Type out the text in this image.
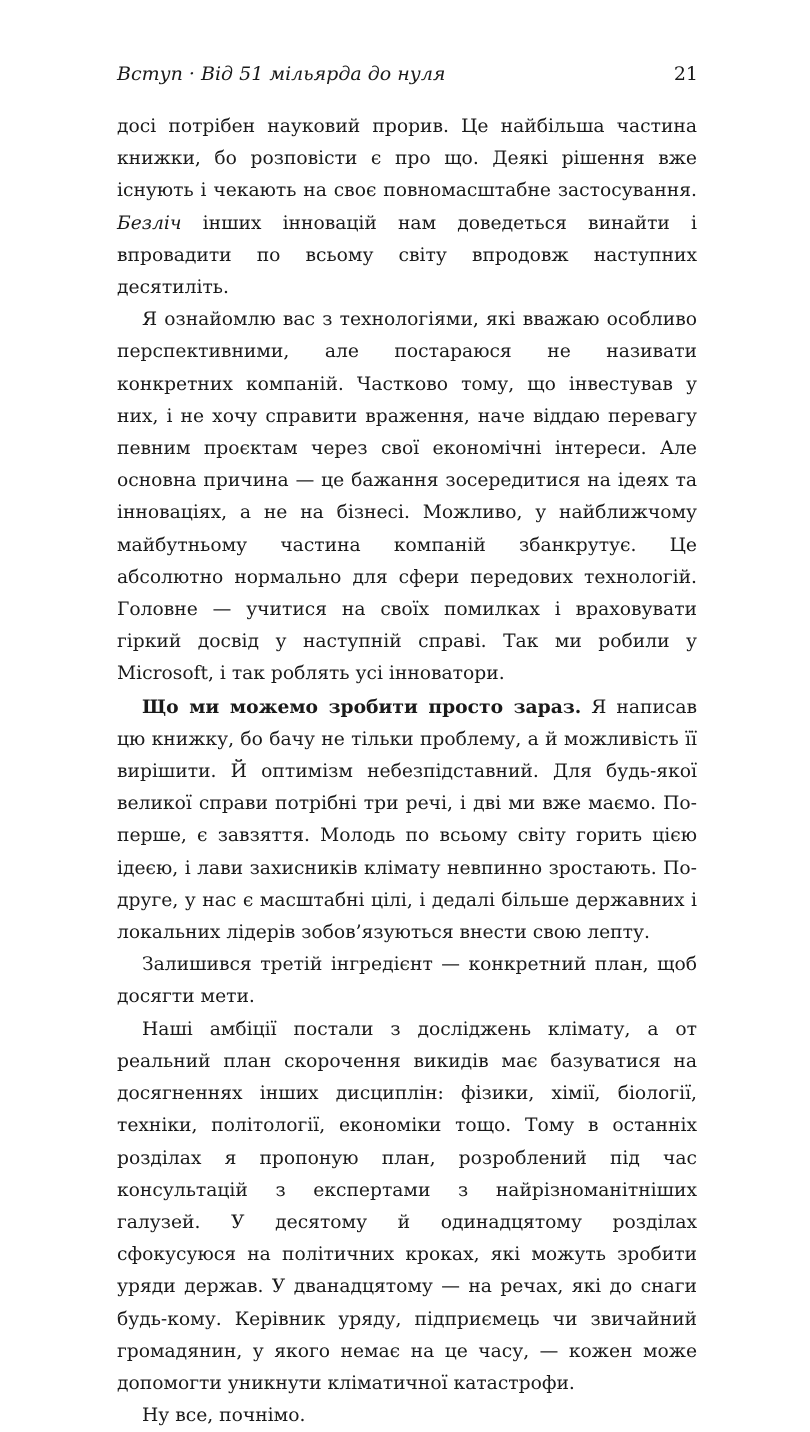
Вступ · Від 51 мільярда до нуля	21

досі потрібен науковий прорив. Це найбільша частина книжки, бо розповісти є про що. Деякі рішення вже існують і чекають на своє повномасштабне застосування. Безліч інших інновацій нам доведеться винайти і впровадити по всьому світу впродовж наступних десятиліть.

Я ознайомлю вас з технологіями, які вважаю особливо перспективними, але постараюся не називати конкретних компаній. Частково тому, що інвестував у них, і не хочу справити враження, наче віддаю перевагу певним проєктам через свої економічні інтереси. Але основна причина — це бажання зосередитися на ідеях та інноваціях, а не на бізнесі. Можливо, у найближчому майбутньому частина компаній збанкрутує. Це абсолютно нормально для сфери передових технологій. Головне — учитися на своїх помилках і враховувати гіркий досвід у наступній справі. Так ми робили у Microsoft, і так роблять усі інноватори.

Що ми можемо зробити просто зараз. Я написав цю книжку, бо бачу не тільки проблему, а й можливість її вирішити. Й оптимізм небезпідставний. Для будь-якої великої справи потрібні три речі, і дві ми вже маємо. По-перше, є завзяття. Молодь по всьому світу горить цією ідеєю, і лави захисників клімату невпинно зростають. По-друге, у нас є масштабні цілі, і дедалі більше державних і локальних лідерів зобов’язуються внести свою лепту.

Залишився третій інгредієнт — конкретний план, щоб досягти мети.

Наші амбіції постали з досліджень клімату, а от реальний план скорочення викидів має базуватися на досягненнях інших дисциплін: фізики, хімії, біології, техніки, політології, економіки тощо. Тому в останніх розділах я пропоную план, розроблений під час консультацій з експертами з найрізноманітніших галузей. У десятому й одинадцятому розділах сфокусуюся на політичних кроках, які можуть зробити уряди держав. У дванадцятому — на речах, які до снаги будь-кому. Керівник уряду, підприємець чи звичайний громадянин, у якого немає на це часу, — кожен може допомогти уникнути кліматичної катастрофи.

Ну все, почнімо.
